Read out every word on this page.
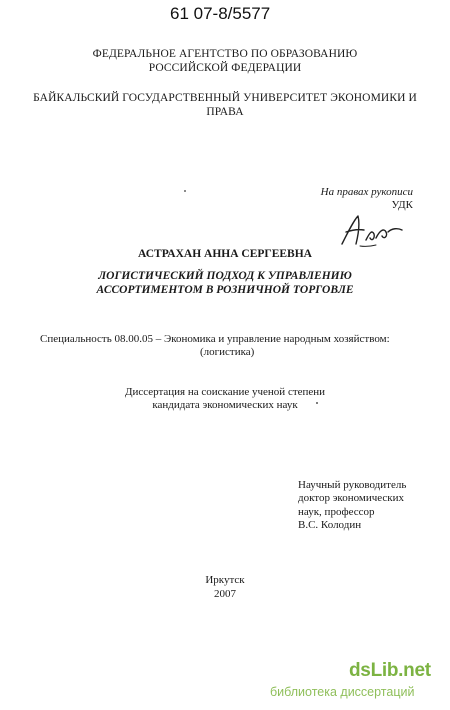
61 07-8/5577
ФЕДЕРАЛЬНОЕ АГЕНТСТВО ПО ОБРАЗОВАНИЮ
РОССИЙСКОЙ ФЕДЕРАЦИИ
БАЙКАЛЬСКИЙ ГОСУДАРСТВЕННЫЙ УНИВЕРСИТЕТ ЭКОНОМИКИ И
ПРАВА
На правах рукописи
УДК
АСТРАХАН АННА СЕРГЕЕВНА
ЛОГИСТИЧЕСКИЙ ПОДХОД К УПРАВЛЕНИЮ
АССОРТИМЕНТОМ В РОЗНИЧНОЙ ТОРГОВЛЕ
Специальность 08.00.05 – Экономика и управление народным хозяйством:
(логистика)
Диссертация на соискание ученой степени
кандидата экономических наук
Научный руководитель
доктор экономических
наук, профессор
В.С. Колодин
Иркутск
2007
dsLib.net
библиотека диссертаций
